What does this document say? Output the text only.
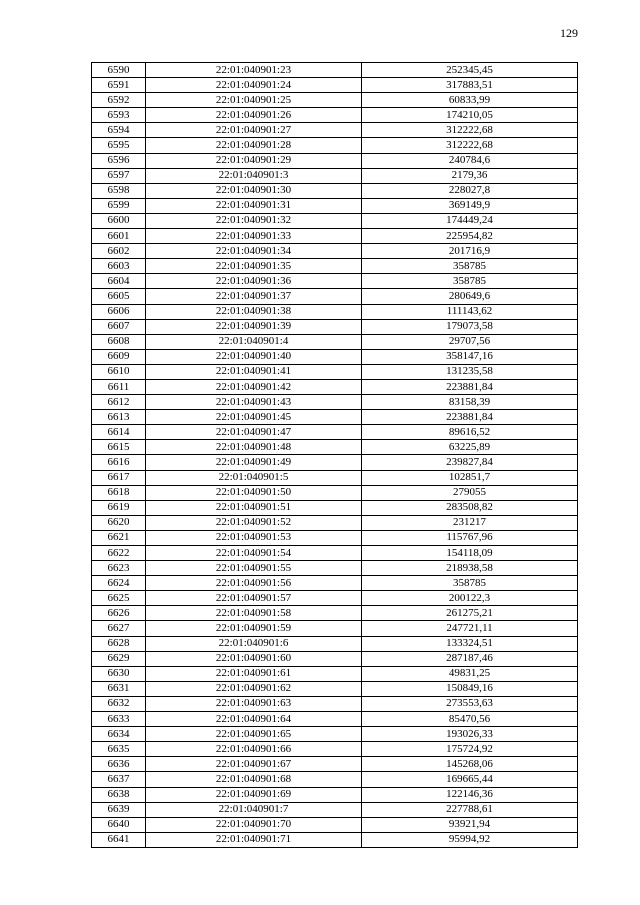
129
6590	22:01:040901:23	252345,45
6591	22:01:040901:24	317883,51
6592	22:01:040901:25	60833,99
6593	22:01:040901:26	174210,05
6594	22:01:040901:27	312222,68
6595	22:01:040901:28	312222,68
6596	22:01:040901:29	240784,6
6597	22:01:040901:3	2179,36
6598	22:01:040901:30	228027,8
6599	22:01:040901:31	369149,9
6600	22:01:040901:32	174449,24
6601	22:01:040901:33	225954,82
6602	22:01:040901:34	201716,9
6603	22:01:040901:35	358785
6604	22:01:040901:36	358785
6605	22:01:040901:37	280649,6
6606	22:01:040901:38	111143,62
6607	22:01:040901:39	179073,58
6608	22:01:040901:4	29707,56
6609	22:01:040901:40	358147,16
6610	22:01:040901:41	131235,58
6611	22:01:040901:42	223881,84
6612	22:01:040901:43	83158,39
6613	22:01:040901:45	223881,84
6614	22:01:040901:47	89616,52
6615	22:01:040901:48	63225,89
6616	22:01:040901:49	239827,84
6617	22:01:040901:5	102851,7
6618	22:01:040901:50	279055
6619	22:01:040901:51	283508,82
6620	22:01:040901:52	231217
6621	22:01:040901:53	115767,96
6622	22:01:040901:54	154118,09
6623	22:01:040901:55	218938,58
6624	22:01:040901:56	358785
6625	22:01:040901:57	200122,3
6626	22:01:040901:58	261275,21
6627	22:01:040901:59	247721,11
6628	22:01:040901:6	133324,51
6629	22:01:040901:60	287187,46
6630	22:01:040901:61	49831,25
6631	22:01:040901:62	150849,16
6632	22:01:040901:63	273553,63
6633	22:01:040901:64	85470,56
6634	22:01:040901:65	193026,33
6635	22:01:040901:66	175724,92
6636	22:01:040901:67	145268,06
6637	22:01:040901:68	169665,44
6638	22:01:040901:69	122146,36
6639	22:01:040901:7	227788,61
6640	22:01:040901:70	93921,94
6641	22:01:040901:71	95994,92
